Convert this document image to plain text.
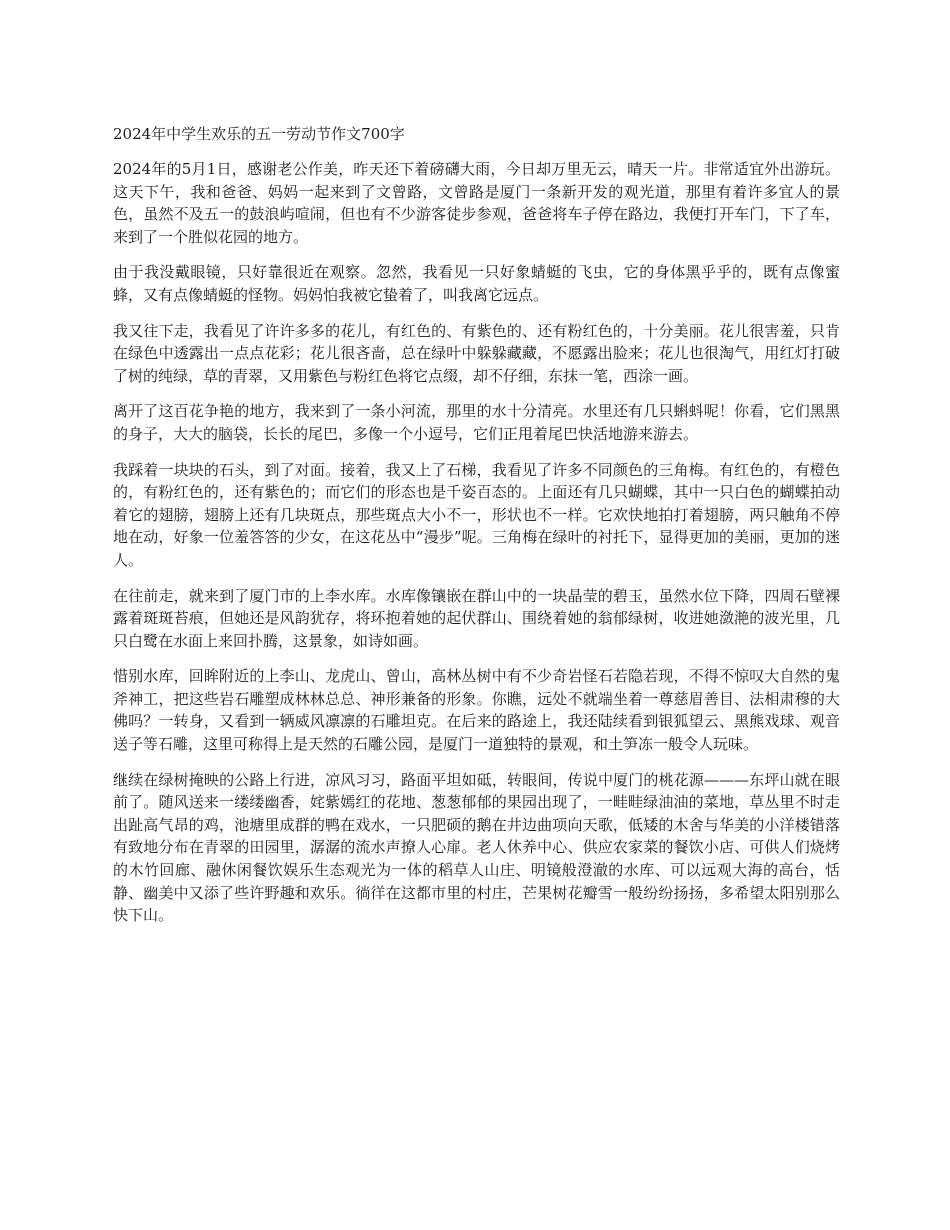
2024年中学生欢乐的五一劳动节作文700字

2024年的5月1日，感谢老公作美，昨天还下着磅礴大雨，今日却万里无云，晴天一片。非常适宜外出游玩。这天下午，我和爸爸、妈妈一起来到了文曾路，文曾路是厦门一条新开发的观光道，那里有着许多宜人的景色，虽然不及五一的鼓浪屿喧闹，但也有不少游客徒步参观，爸爸将车子停在路边，我便打开车门，下了车，来到了一个胜似花园的地方。

由于我没戴眼镜，只好靠很近在观察。忽然，我看见一只好象蜻蜓的飞虫，它的身体黑乎乎的，既有点像蜜蜂，又有点像蜻蜓的怪物。妈妈怕我被它蛰着了，叫我离它远点。

我又往下走，我看见了许许多多的花儿，有红色的、有紫色的、还有粉红色的，十分美丽。花儿很害羞，只肯在绿色中透露出一点点花彩；花儿很吝啬，总在绿叶中躲躲藏藏，不愿露出脸来；花儿也很淘气，用红灯打破了树的纯绿，草的青翠，又用紫色与粉红色将它点缀，却不仔细，东抹一笔，西涂一画。

离开了这百花争艳的地方，我来到了一条小河流，那里的水十分清亮。水里还有几只蝌蚪呢！你看，它们黑黑的身子，大大的脑袋，长长的尾巴，多像一个小逗号，它们正甩着尾巴快活地游来游去。

我踩着一块块的石头，到了对面。接着，我又上了石梯，我看见了许多不同颜色的三角梅。有红色的，有橙色的，有粉红色的，还有紫色的；而它们的形态也是千姿百态的。上面还有几只蝴蝶，其中一只白色的蝴蝶拍动着它的翅膀，翅膀上还有几块斑点，那些斑点大小不一，形状也不一样。它欢快地拍打着翅膀，两只触角不停地在动，好象一位羞答答的少女，在这花丛中“漫步”呢。三角梅在绿叶的衬托下，显得更加的美丽，更加的迷人。

在往前走，就来到了厦门市的上李水库。水库像镶嵌在群山中的一块晶莹的碧玉，虽然水位下降，四周石壁裸露着斑斑苔痕，但她还是风韵犹存，将环抱着她的起伏群山、围绕着她的翁郁绿树，收进她潋滟的波光里，几只白鹭在水面上来回扑腾，这景象，如诗如画。

惜别水库，回眸附近的上李山、龙虎山、曾山，高林丛树中有不少奇岩怪石若隐若现，不得不惊叹大自然的鬼斧神工，把这些岩石雕塑成林林总总、神形兼备的形象。你瞧，远处不就端坐着一尊慈眉善目、法相肃穆的大佛吗？一转身，又看到一辆威风凛凛的石雕坦克。在后来的路途上，我还陆续看到银狐望云、黑熊戏球、观音送子等石雕，这里可称得上是天然的石雕公园，是厦门一道独特的景观，和土笋冻一般令人玩味。

继续在绿树掩映的公路上行进，凉风习习，路面平坦如砥，转眼间，传说中厦门的桃花源———东坪山就在眼前了。随风送来一缕缕幽香，姹紫嫣红的花地、葱葱郁郁的果园出现了，一畦畦绿油油的菜地，草丛里不时走出趾高气昂的鸡，池塘里成群的鸭在戏水，一只肥硕的鹅在井边曲项向天歌，低矮的木舍与华美的小洋楼错落有致地分布在青翠的田园里，潺潺的流水声撩人心扉。老人休养中心、供应农家菜的餐饮小店、可供人们烧烤的木竹回廊、融休闲餐饮娱乐生态观光为一体的稻草人山庄、明镜般澄澈的水库、可以远观大海的高台，恬静、幽美中又添了些许野趣和欢乐。徜徉在这都市里的村庄，芒果树花瓣雪一般纷纷扬扬，多希望太阳别那么快下山。
